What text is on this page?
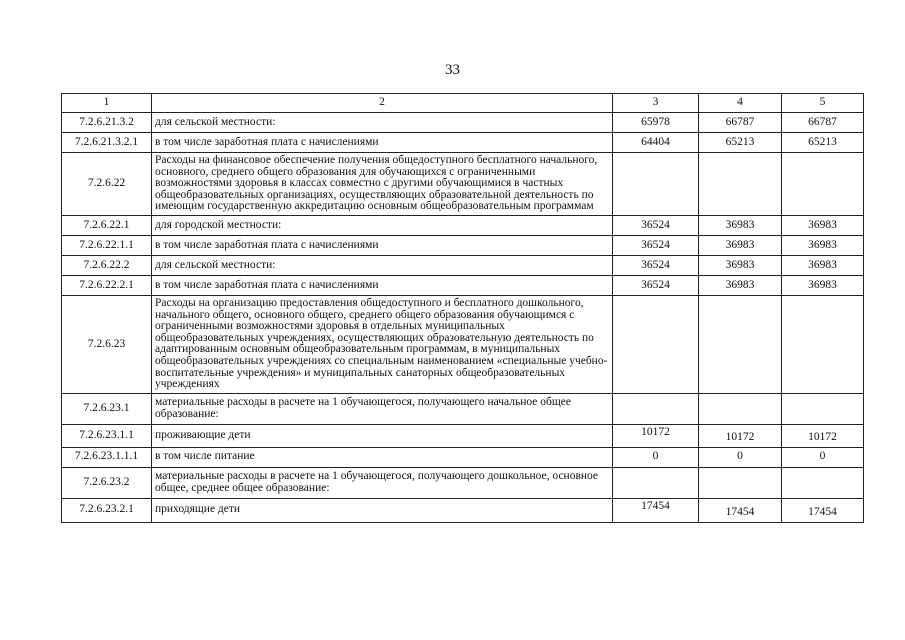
33
1	2	3	4	5
7.2.6.21.3.2	для сельской местности:	65978	66787	66787
7.2.6.21.3.2.1	в том числе заработная плата с начислениями	64404	65213	65213
7.2.6.22	Расходы на финансовое обеспечение получения общедоступного бесплатного начального, основного, среднего общего образования для обучающихся с ограниченными возможностями здоровья в классах совместно с другими обучающимися в частных общеобразовательных организациях, осуществляющих образовательной деятельность по имеющим государственную аккредитацию основным общеобразовательным программам			
7.2.6.22.1	для городской местности:	36524	36983	36983
7.2.6.22.1.1	в том числе заработная плата с начислениями	36524	36983	36983
7.2.6.22.2	для сельской местности:	36524	36983	36983
7.2.6.22.2.1	в том числе заработная плата с начислениями	36524	36983	36983
7.2.6.23	Расходы на организацию предоставления общедоступного и бесплатного дошкольного, начального общего, основного общего, среднего общего образования обучающимся с ограниченными возможностями здоровья в отдельных муниципальных общеобразовательных учреждениях, осуществляющих образовательную деятельность по адаптированным основным общеобразовательным программам, в муниципальных общеобразовательных учреждениях со специальным наименованием «специальные учебно-воспитательные учреждения» и муниципальных санаторных общеобразовательных учреждениях			
7.2.6.23.1	материальные расходы в расчете на 1 обучающегося, получающего начальное общее образование:			
7.2.6.23.1.1	проживающие дети	10172	10172	10172
7.2.6.23.1.1.1	в том числе питание	0	0	0
7.2.6.23.2	материальные расходы в расчете на 1 обучающегося, получающего дошкольное, основное общее, среднее общее образование:			
7.2.6.23.2.1	приходящие дети	17454	17454	17454
